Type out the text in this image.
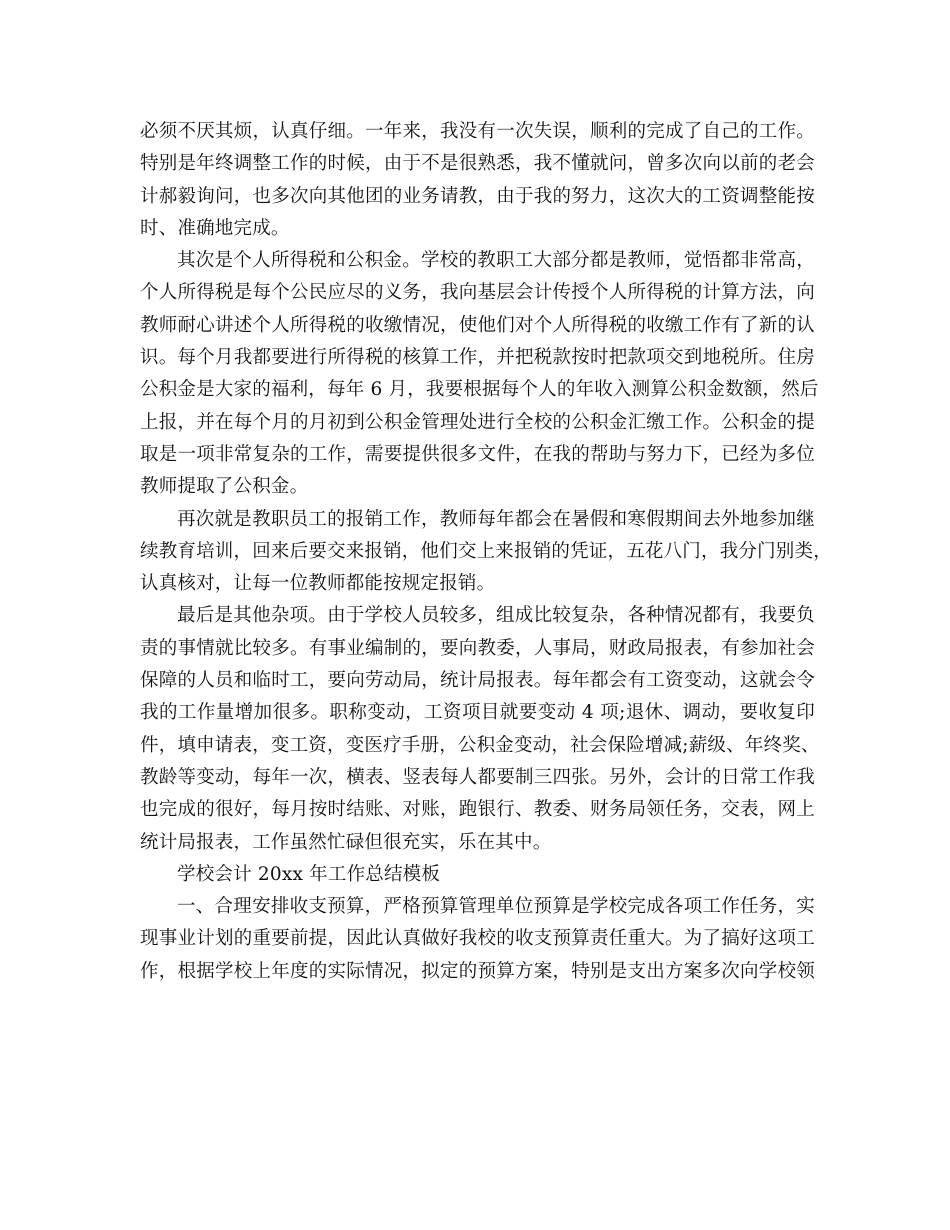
必须不厌其烦，认真仔细。一年来，我没有一次失误，顺利的完成了自己的工作。
特别是年终调整工作的时候，由于不是很熟悉，我不懂就问，曾多次向以前的老会
计郝毅询问，也多次向其他团的业务请教，由于我的努力，这次大的工资调整能按
时、准确地完成。
其次是个人所得税和公积金。学校的教职工大部分都是教师，觉悟都非常高，
个人所得税是每个公民应尽的义务，我向基层会计传授个人所得税的计算方法，向
教师耐心讲述个人所得税的收缴情况，使他们对个人所得税的收缴工作有了新的认
识。每个月我都要进行所得税的核算工作，并把税款按时把款项交到地税所。住房
公积金是大家的福利，每年 6 月，我要根据每个人的年收入测算公积金数额，然后
上报，并在每个月的月初到公积金管理处进行全校的公积金汇缴工作。公积金的提
取是一项非常复杂的工作，需要提供很多文件，在我的帮助与努力下，已经为多位
教师提取了公积金。
再次就是教职员工的报销工作，教师每年都会在暑假和寒假期间去外地参加继
续教育培训，回来后要交来报销，他们交上来报销的凭证，五花八门，我分门别类，
认真核对，让每一位教师都能按规定报销。
最后是其他杂项。由于学校人员较多，组成比较复杂，各种情况都有，我要负
责的事情就比较多。有事业编制的，要向教委，人事局，财政局报表，有参加社会
保障的人员和临时工，要向劳动局，统计局报表。每年都会有工资变动，这就会令
我的工作量增加很多。职称变动，工资项目就要变动 4 项;退休、调动，要收复印
件，填申请表，变工资，变医疗手册，公积金变动，社会保险增减;薪级、年终奖、
教龄等变动，每年一次，横表、竖表每人都要制三四张。另外，会计的日常工作我
也完成的很好，每月按时结账、对账，跑银行、教委、财务局领任务，交表，网上
统计局报表，工作虽然忙碌但很充实，乐在其中。
学校会计 20xx 年工作总结模板
一、合理安排收支预算，严格预算管理单位预算是学校完成各项工作任务，实
现事业计划的重要前提，因此认真做好我校的收支预算责任重大。为了搞好这项工
作，根据学校上年度的实际情况，拟定的预算方案，特别是支出方案多次向学校领
